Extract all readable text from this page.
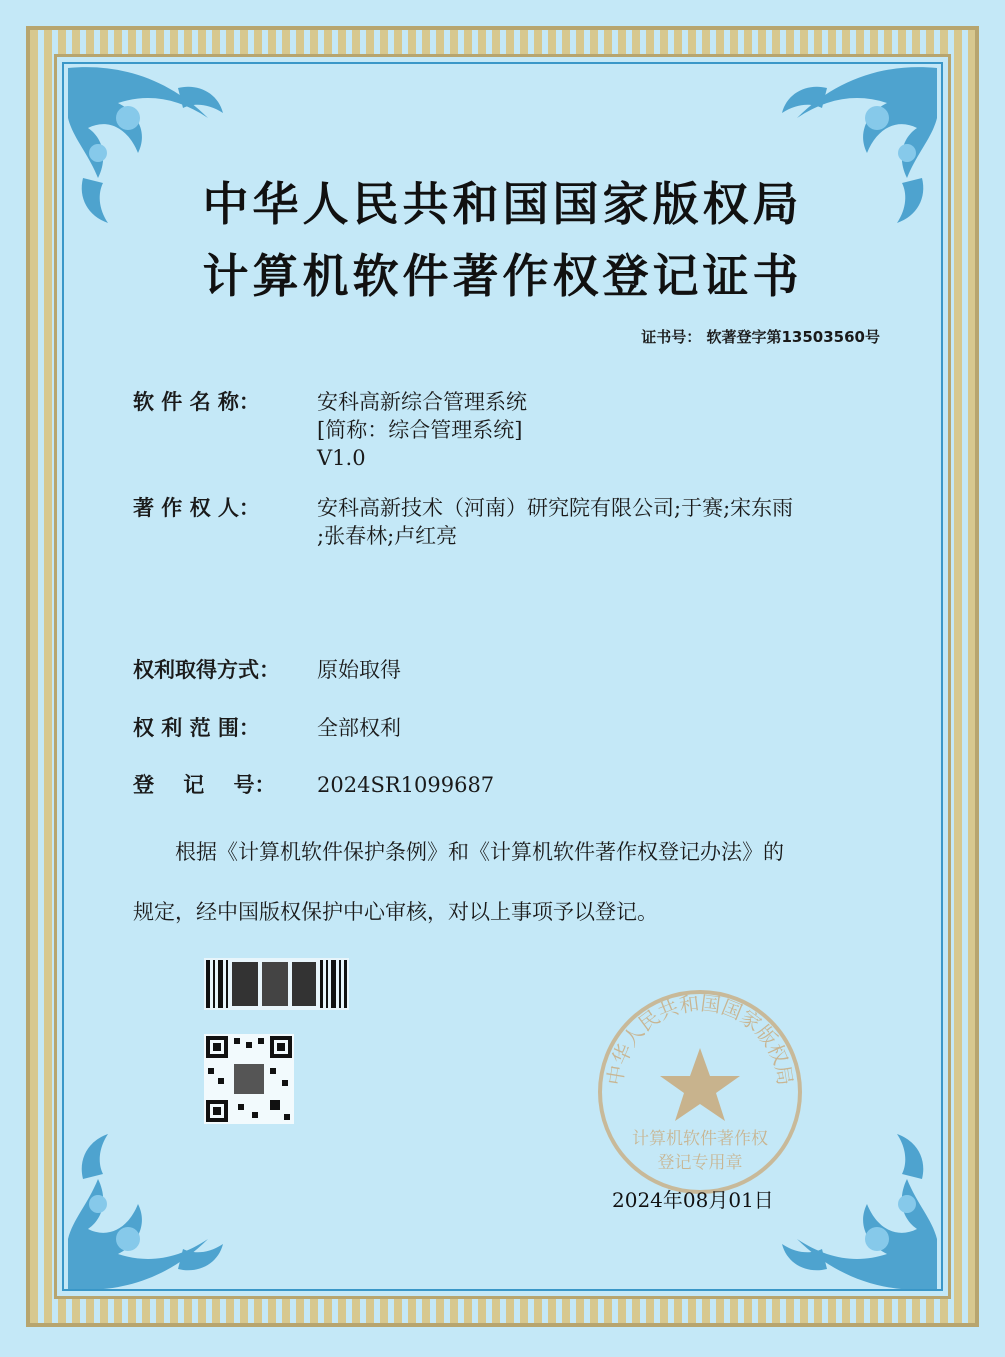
中华人民共和国国家版权局
计算机软件著作权登记证书
证书号： 软著登字第13503560号
软 件 名 称：	安科高新综合管理系统
[简称：综合管理系统]
V1.0
著 作 权 人：	安科高新技术（河南）研究院有限公司;于赛;宋东雨
;张春林;卢红亮
权利取得方式：	原始取得
权 利 范 围：	全部权利
登    记    号：	2024SR1099687
根据《计算机软件保护条例》和《计算机软件著作权登记办法》的
规定，经中国版权保护中心审核，对以上事项予以登记。
中华人民共和国国家版权局
计算机软件著作权
登记专用章
2024年08月01日
